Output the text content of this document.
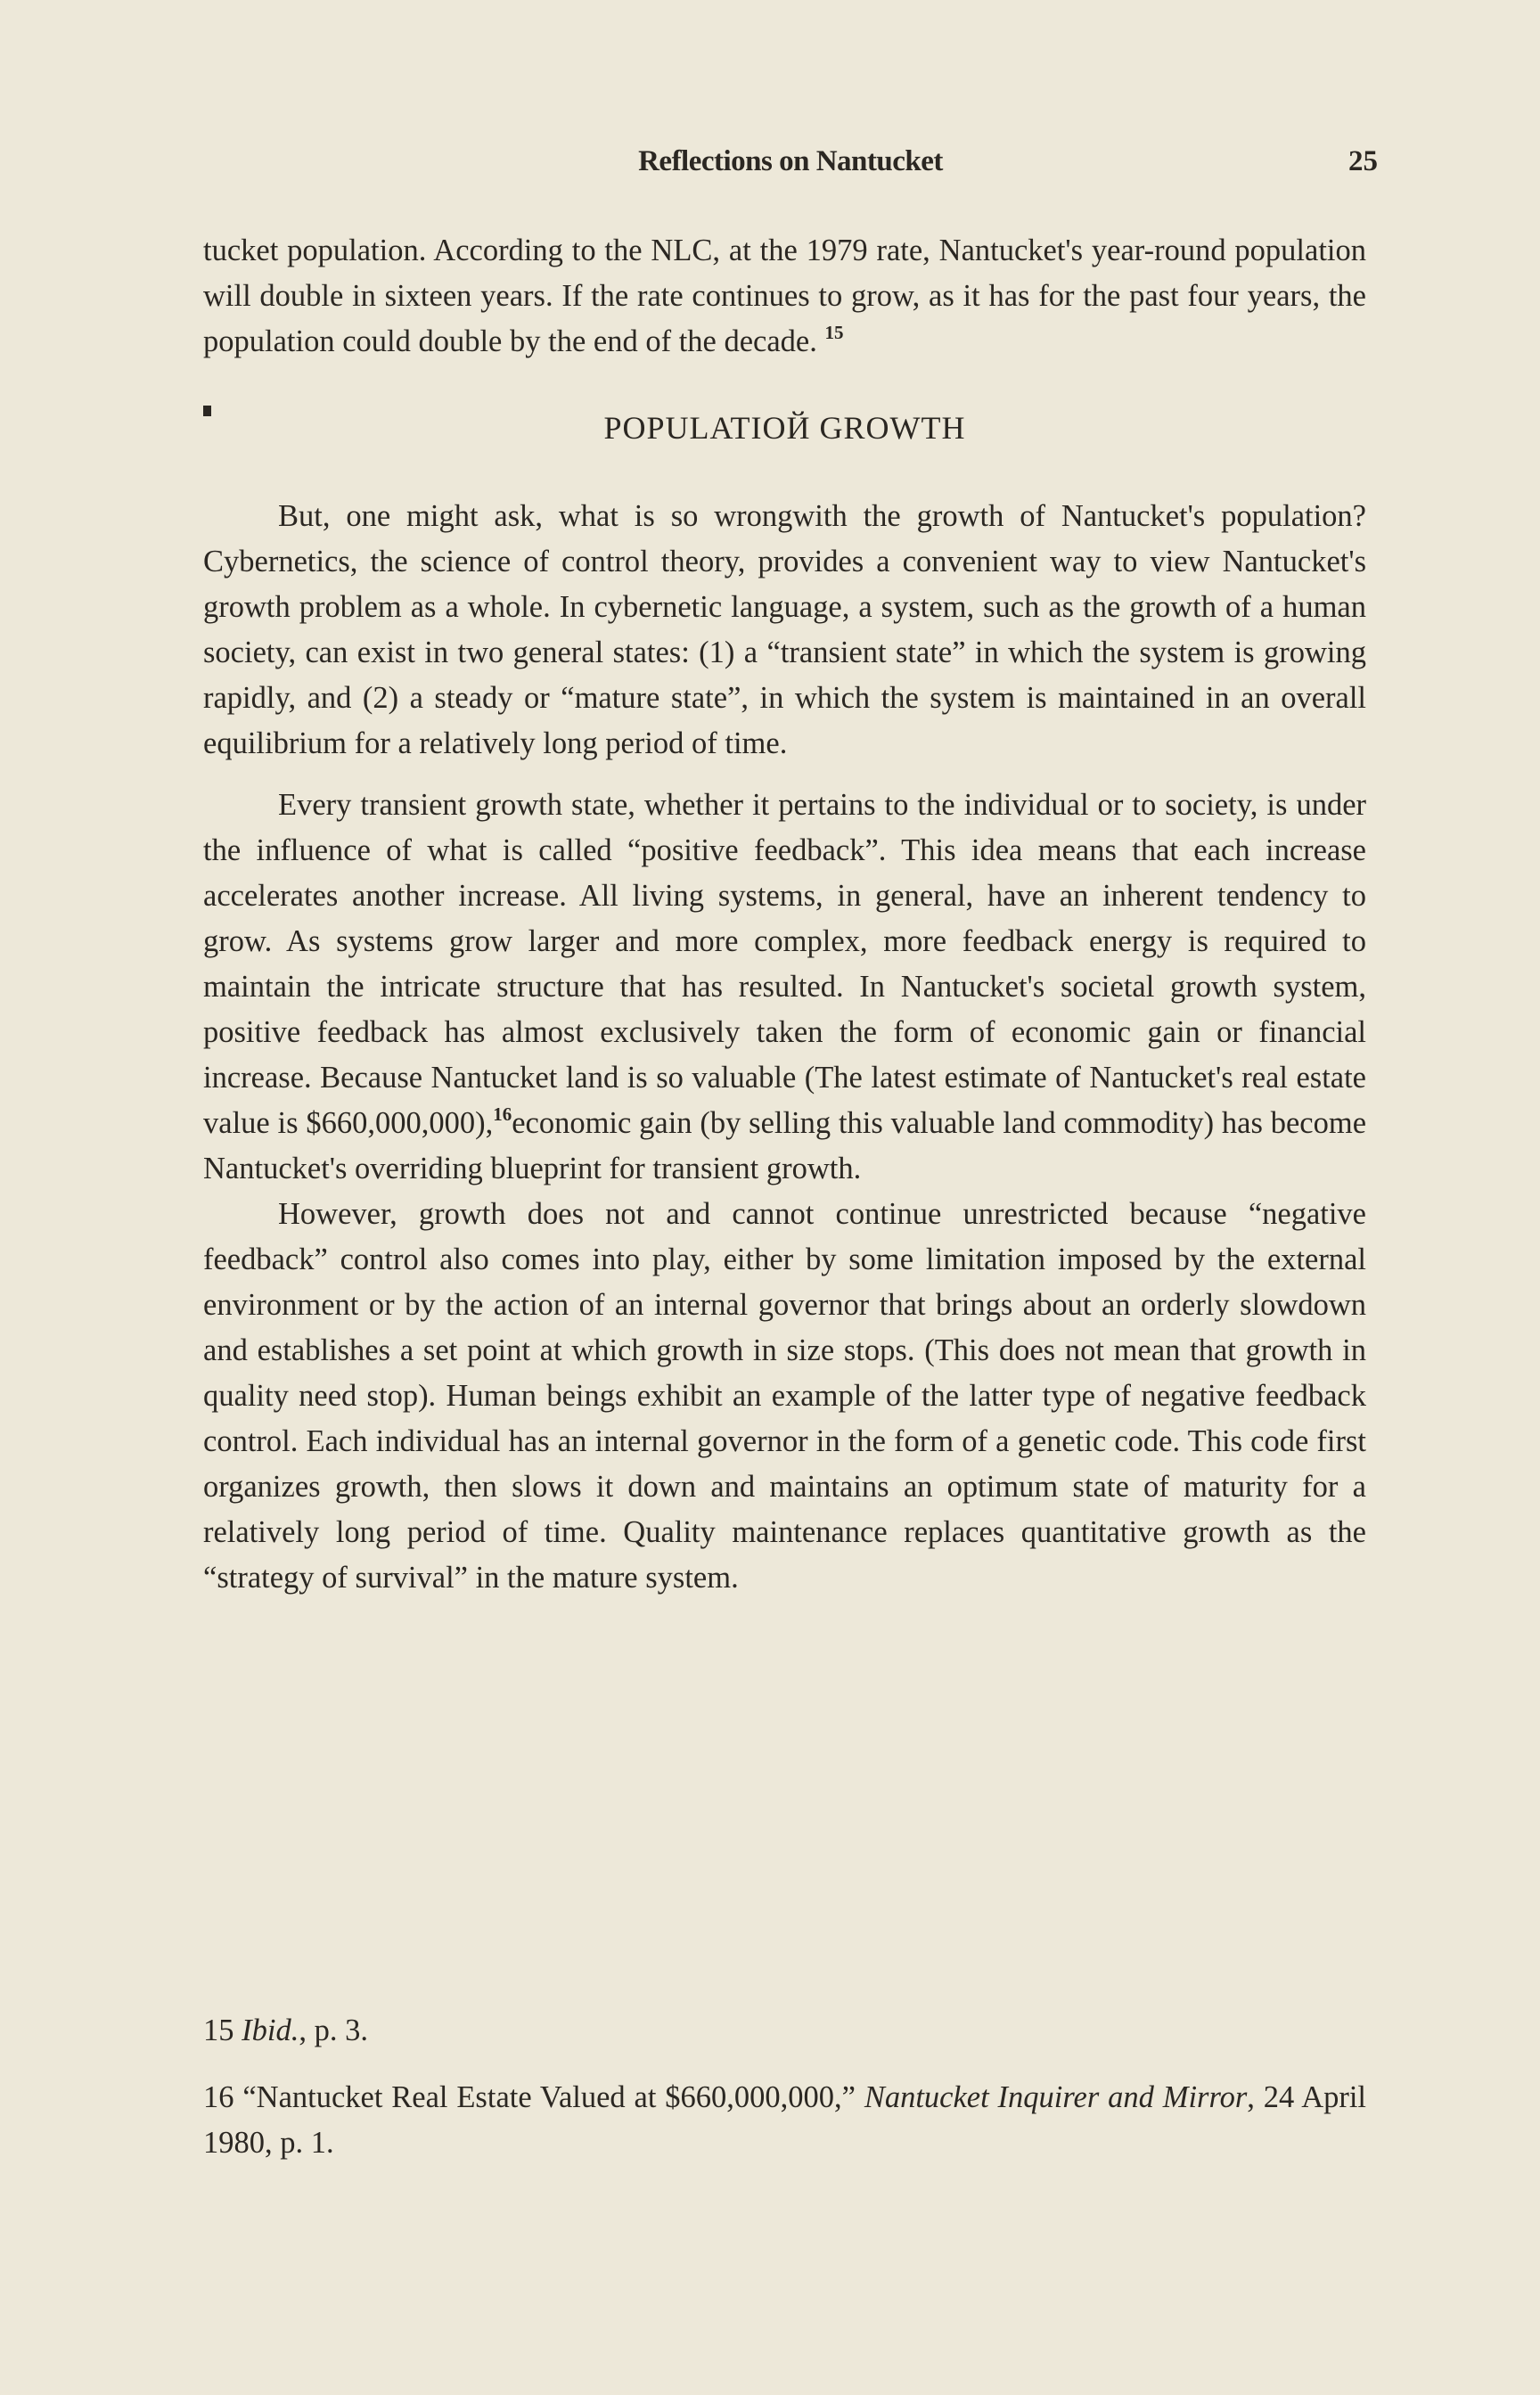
Reflections on Nantucket	25

tucket population. According to the NLC, at the 1979 rate, Nantucket's year-round population will double in sixteen years. If the rate continues to grow, as it has for the past four years, the population could double by the end of the decade. $^{15}$

POPULATIOЙ GROWTH

But, one might ask, what is so wrongwith the growth of Nantucket's population? Cybernetics, the science of control theory, provides a convenient way to view Nantucket's growth problem as a whole. In cybernetic language, a system, such as the growth of a human society, can exist in two general states: (1) a “transient state” in which the system is growing rapidly, and (2) a steady or “mature state”, in which the system is maintained in an overall equilibrium for a relatively long period of time.

Every transient growth state, whether it pertains to the individual or to society, is under the influence of what is called “positive feedback”. This idea means that each increase accelerates another increase. All living systems, in general, have an inherent tendency to grow. As systems grow larger and more complex, more feedback energy is required to maintain the intricate structure that has resulted. In Nantucket's societal growth system, positive feedback has almost exclusively taken the form of economic gain or financial increase. Because Nantucket land is so valuable (The latest estimate of Nantucket's real estate value is $660,000,000),$^{16}$economic gain (by selling this valuable land commodity) has become Nantucket's overriding blueprint for transient growth.

However, growth does not and cannot continue unrestricted because “negative feedback” control also comes into play, either by some limitation imposed by the external environment or by the action of an internal governor that brings about an orderly slowdown and establishes a set point at which growth in size stops. (This does not mean that growth in quality need stop). Human beings exhibit an example of the latter type of negative feedback control. Each individual has an internal governor in the form of a genetic code. This code first organizes growth, then slows it down and maintains an optimum state of maturity for a relatively long period of time. Quality maintenance replaces quantitative growth as the “strategy of survival” in the mature system.

15 Ibid., p. 3.

16 “Nantucket Real Estate Valued at $660,000,000,” Nantucket Inquirer and Mirror, 24 April 1980, p. 1.
